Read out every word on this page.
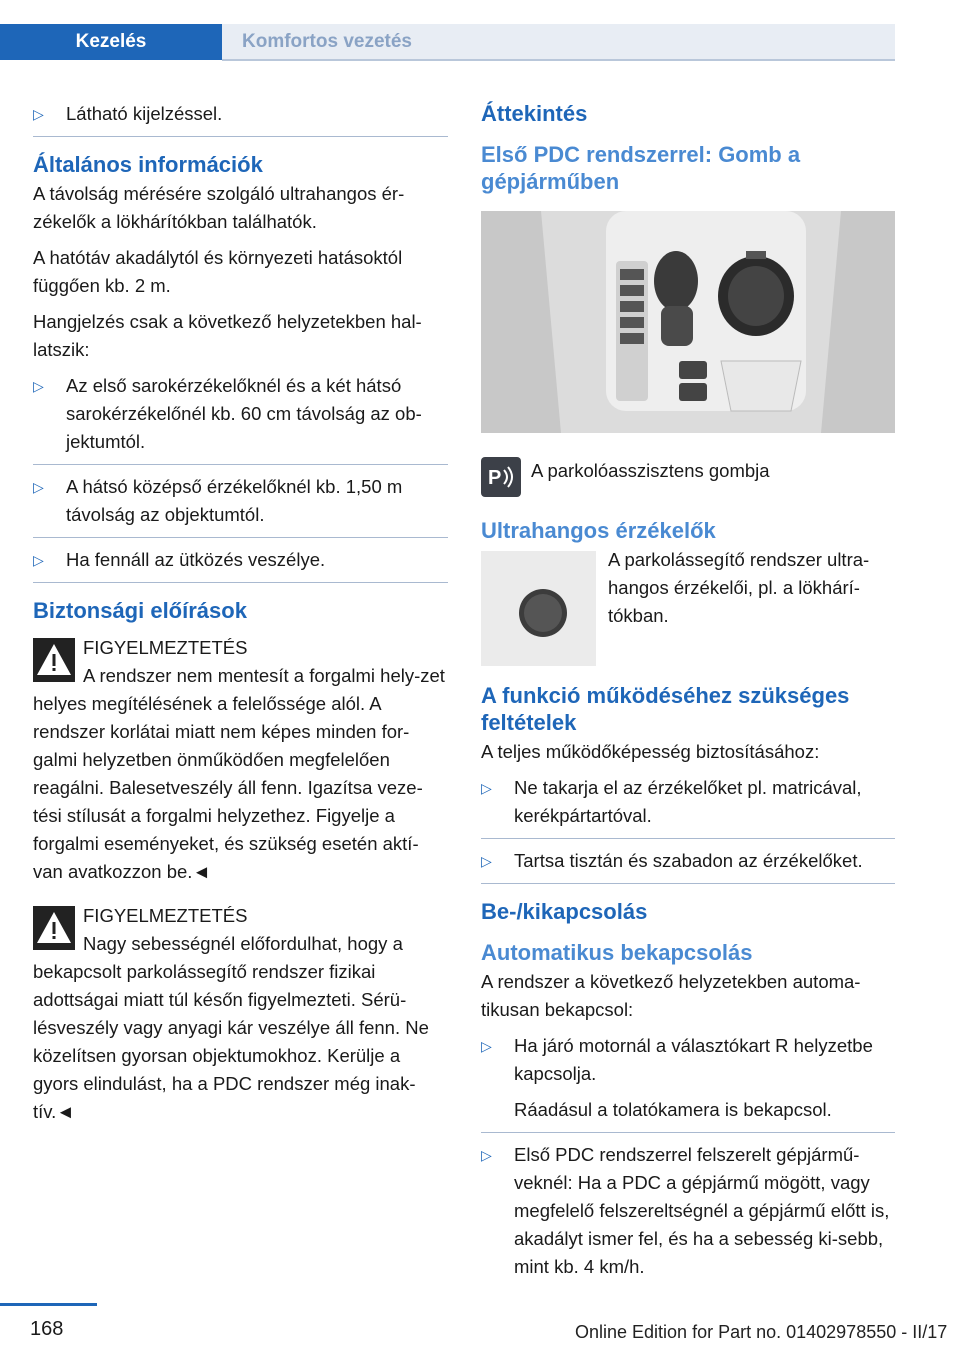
Kezelés	Komfortos vezetés
▷ Látható kijelzéssel.
Általános információk

A távolság mérésére szolgáló ultrahangos ér-zékelők a lökhárítókban találhatók.

A hatótáv akadálytól és környezeti hatásoktól függően kb. 2 m.

Hangjelzés csak a következő helyzetekben hal-latszik:

▷ Az első sarokérzékelőknél és a két hátsó sarokérzékelőnél kb. 60 cm távolság az ob-jektumtól.
▷ A hátsó középső érzékelőknél kb. 1,50 m távolság az objektumtól.
▷ Ha fennáll az ütközés veszélye.
Biztonsági előírások
FIGYELMEZTETÉS
A rendszer nem mentesít a forgalmi hely-zet helyes megítélésének a felelőssége alól. A rendszer korlátai miatt nem képes minden for-galmi helyzetben önműködően megfelelően reagálni. Balesetveszély áll fenn. Igazítsa veze-tési stílusát a forgalmi helyzethez. Figyelje a forgalmi eseményeket, és szükség esetén aktí-van avatkozzon be.◄
FIGYELMEZTETÉS
Nagy sebességnél előfordulhat, hogy a bekapcsolt parkolássegítő rendszer fizikai adottságai miatt túl későn figyelmezteti. Sérü-lésveszély vagy anyagi kár veszélye áll fenn. Ne közelítsen gyorsan objektumokhoz. Kerülje a gyors elindulást, ha a PDC rendszer még inak-tív.◄
Áttekintés
Első PDC rendszerrel: Gomb a gépjárműben
P A parkolóasszisztens gombja
Ultrahangos érzékelők
A parkolássegítő rendszer ultra-hangos érzékelői, pl. a lökhárí-tókban.
A funkció működéséhez szükséges feltételek

A teljes működőképesség biztosításához:

▷ Ne takarja el az érzékelőket pl. matricával, kerékpártartóval.
▷ Tartsa tisztán és szabadon az érzékelőket.
Be-/kikapcsolás
Automatikus bekapcsolás

A rendszer a következő helyzetekben automa-tikusan bekapcsol:

▷ Ha járó motornál a választókart R helyzetbe kapcsolja.

Ráadásul a tolatókamera is bekapcsol.

▷ Első PDC rendszerrel felszerelt gépjármű-veknél: Ha a PDC a gépjármű mögött, vagy megfelelő felszereltségnél a gépjármű előtt is, akadályt ismer fel, és ha a sebesség ki-sebb, mint kb. 4 km/h.
168	Online Edition for Part no. 01402978550 - II/17
